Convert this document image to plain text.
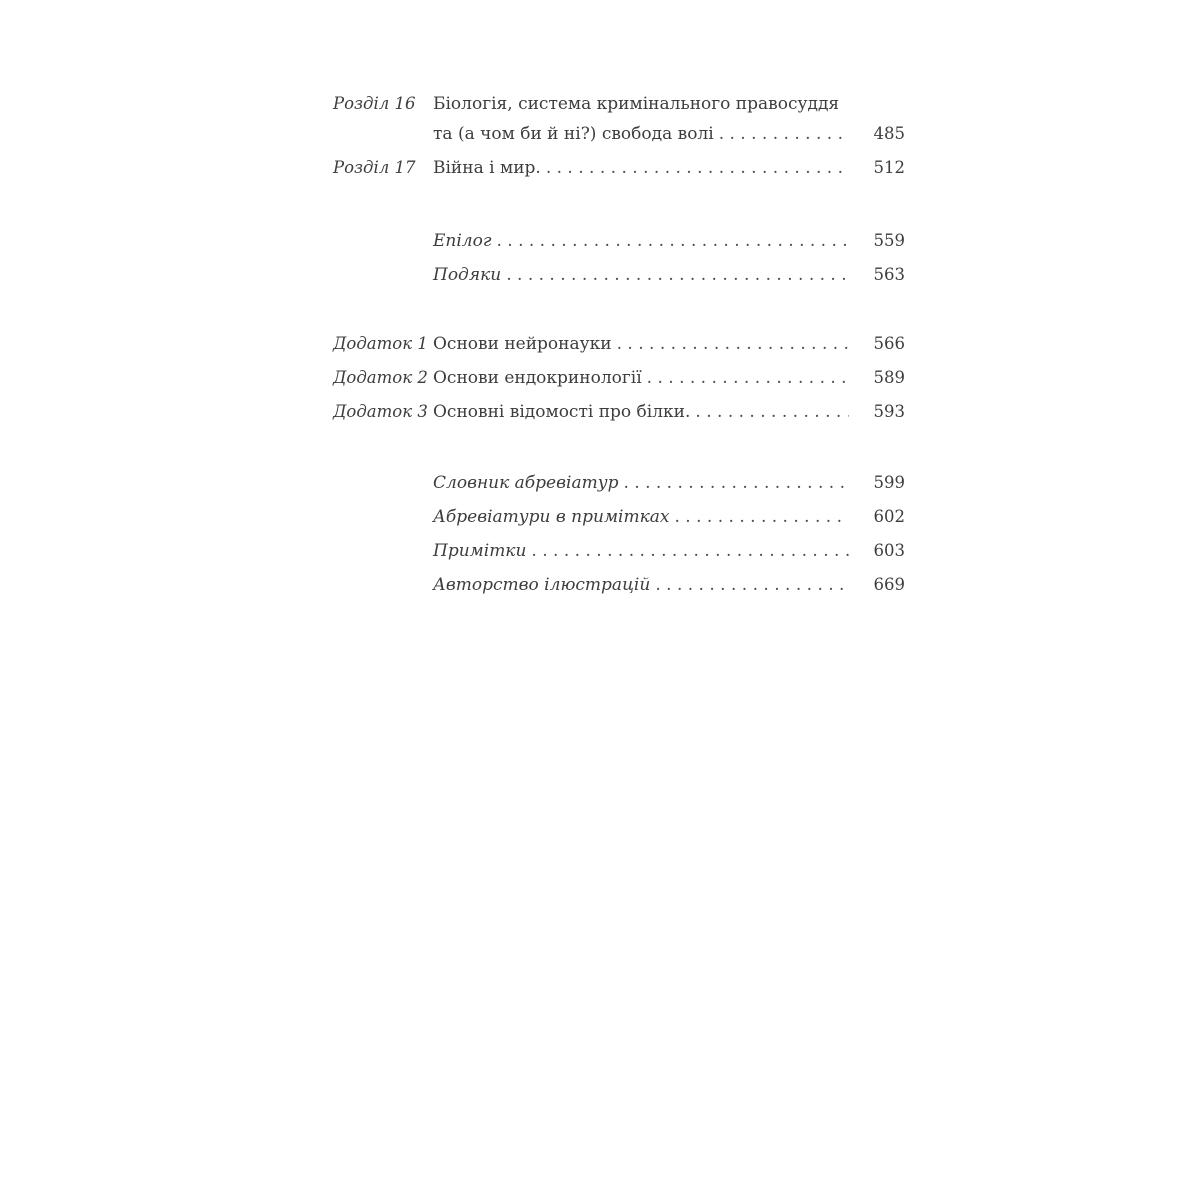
Розділ 16	Біологія, система кримінального правосуддя
та (а чом би й ні?) свобода волі . . .	485
Розділ 17	Війна і мир. . . .	512
Епілог . . .	559
Подяки . . .	563
Додаток 1 Основи нейронауки . . .	566
Додаток 2 Основи ендокринології . . .	589
Додаток 3 Основні відомості про білки. . . .	593
Словник абревіатур . . .	599
Абревіатури в примітках . . .	602
Примітки . . .	603
Авторство ілюстрацій . . .	669
